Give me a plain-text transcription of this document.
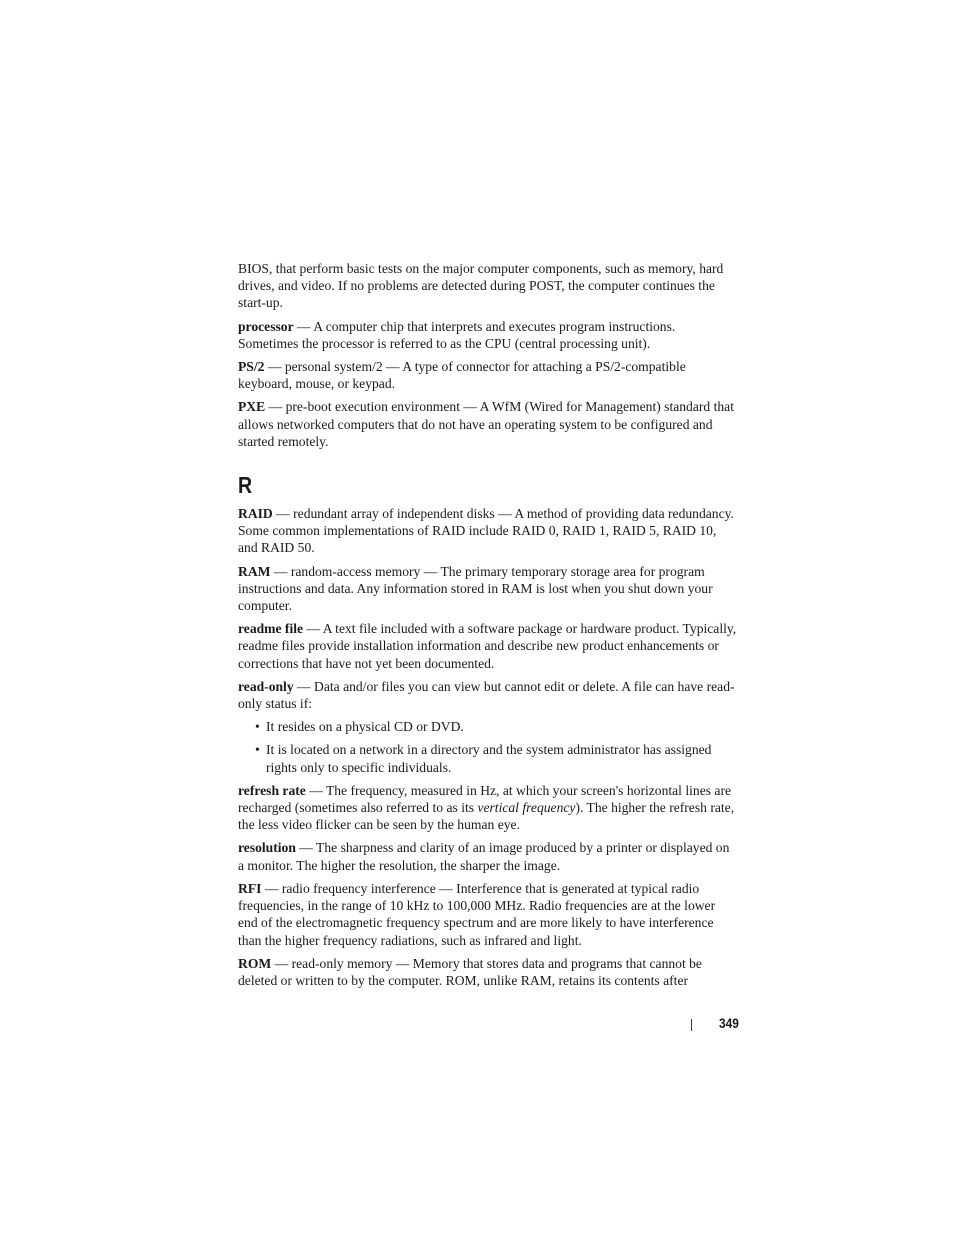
BIOS, that perform basic tests on the major computer components, such as memory, hard drives, and video. If no problems are detected during POST, the computer continues the start-up.

processor — A computer chip that interprets and executes program instructions. Sometimes the processor is referred to as the CPU (central processing unit).

PS/2 — personal system/2 — A type of connector for attaching a PS/2-compatible keyboard, mouse, or keypad.

PXE — pre-boot execution environment — A WfM (Wired for Management) standard that allows networked computers that do not have an operating system to be configured and started remotely.

R

RAID — redundant array of independent disks — A method of providing data redundancy. Some common implementations of RAID include RAID 0, RAID 1, RAID 5, RAID 10, and RAID 50.

RAM — random-access memory — The primary temporary storage area for program instructions and data. Any information stored in RAM is lost when you shut down your computer.

readme file — A text file included with a software package or hardware product. Typically, readme files provide installation information and describe new product enhancements or corrections that have not yet been documented.

read-only — Data and/or files you can view but cannot edit or delete. A file can have read-only status if:

• It resides on a physical CD or DVD.
• It is located on a network in a directory and the system administrator has assigned rights only to specific individuals.

refresh rate — The frequency, measured in Hz, at which your screen's horizontal lines are recharged (sometimes also referred to as its vertical frequency). The higher the refresh rate, the less video flicker can be seen by the human eye.

resolution — The sharpness and clarity of an image produced by a printer or displayed on a monitor. The higher the resolution, the sharper the image.

RFI — radio frequency interference — Interference that is generated at typical radio frequencies, in the range of 10 kHz to 100,000 MHz. Radio frequencies are at the lower end of the electromagnetic frequency spectrum and are more likely to have interference than the higher frequency radiations, such as infrared and light.

ROM — read-only memory — Memory that stores data and programs that cannot be deleted or written to by the computer. ROM, unlike RAM, retains its contents after

349
